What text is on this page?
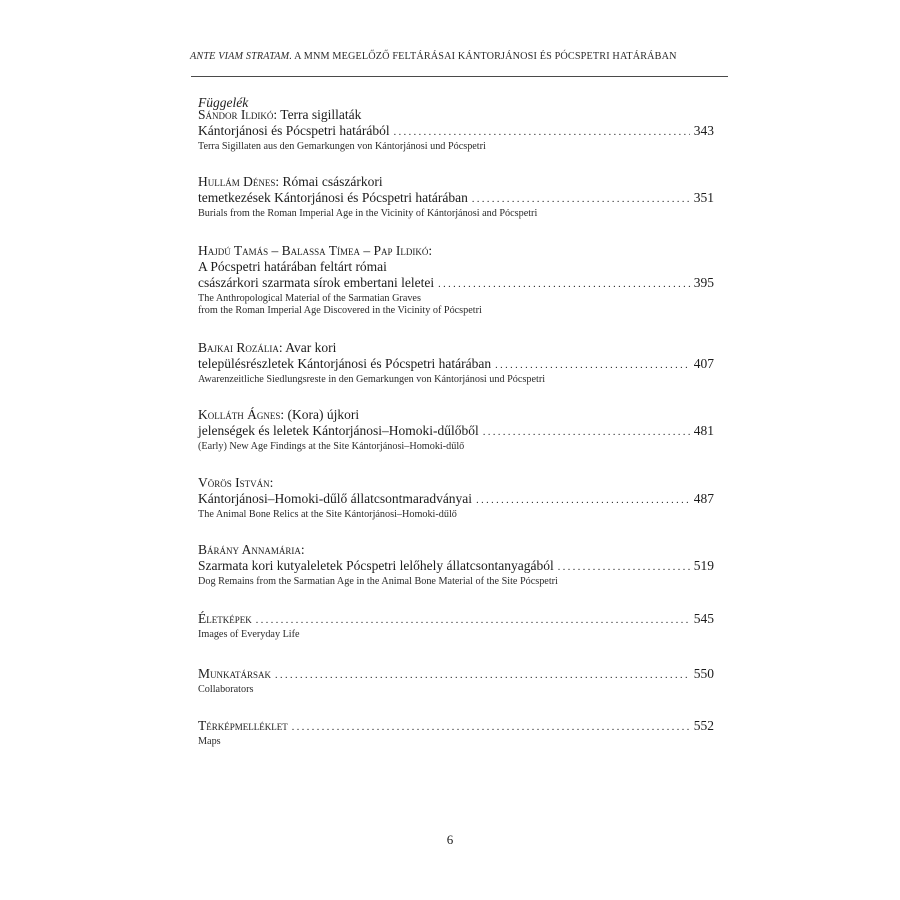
ANTE VIAM STRATAM. A MNM MEGELŐZŐ FELTÁRÁSAI KÁNTORJÁNOSI ÉS PÓCSPETRI HATÁRÁBAN
Függelék
Sándor Ildikó: Terra sigillaták
Kántorjánosi és Pócspetri határából . . .	343
Terra Sigillaten aus den Gemarkungen von Kántorjánosi und Pócspetri
Hullám Dénes: Római császárkori
temetkezések Kántorjánosi és Pócspetri határában . . .	351
Burials from the Roman Imperial Age in the Vicinity of Kántorjánosi and Pócspetri
Hajdú Tamás – Balassa Tímea – Pap Ildikó:
A Pócspetri határában feltárt római
császárkori szarmata sírok embertani leletei . . .	395
The Anthropological Material of the Sarmatian Graves
from the Roman Imperial Age Discovered in the Vicinity of Pócspetri
Bajkai Rozália: Avar kori
településrészletek Kántorjánosi és Pócspetri határában . . .	407
Awarenzeitliche Siedlungsreste in den Gemarkungen von Kántorjánosi und Pócspetri
Kolláth Ágnes: (Kora) újkori
jelenségek és leletek Kántorjánosi–Homoki-dűlőből . . .	481
(Early) New Age Findings at the Site Kántorjánosi–Homoki-dűlő
Vörös István:
Kántorjánosi–Homoki-dűlő állatcsontmaradványai . . .	487
The Animal Bone Relics at the Site Kántorjánosi–Homoki-dűlő
Bárány Annamária:
Szarmata kori kutyaleletek Pócspetri lelőhely állatcsontanyagából . . .	519
Dog Remains from the Sarmatian Age in the Animal Bone Material of the Site Pócspetri
Életképek . . .	545
Images of Everyday Life
Munkatársak . . .	550
Collaborators
Térképmelléklet . . .	552
Maps
6
